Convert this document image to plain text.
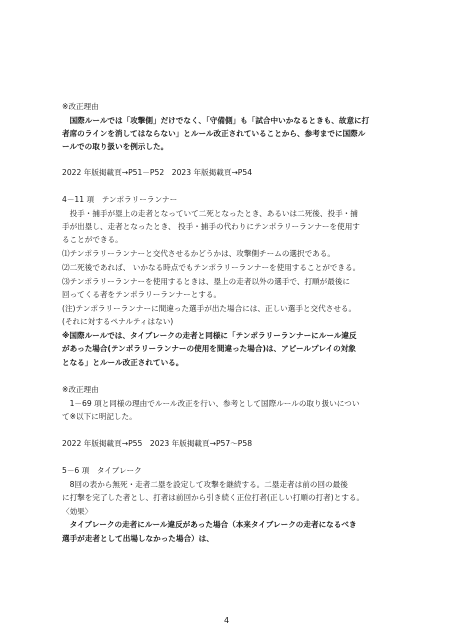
※改正理由
　国際ルールでは「攻撃側」だけでなく、「守備側」も「試合中いかなるときも、故意に打
者席のラインを消してはならない」とルール改正されていることから、参考までに国際ル
ールでの取り扱いを例示した。
2022 年版掲載頁→P51－P52　2023 年版掲載頁→P54
4－11 項　テンポラリーランナー
　投手・捕手が塁上の走者となっていて二死となったとき、あるいは二死後、投手・捕
手が出塁し、走者となったとき、 投手・捕手の代わりにテンポラリーランナーを使用す
ることができる。
⑴テンポラリーランナーと交代させるかどうかは、攻撃側チームの選択である。
⑵二死後であれば、 いかなる時点でもテンポラリーランナーを使用することができる。
⑶テンポラリーランナーを使用するときは、塁上の走者以外の選手で、打順が最後に
回ってくる者をテンポラリーランナーとする。
(注)テンポラリーランナーに間違った選手が出た場合には、正しい選手と交代させる。
(それに対するペナルティはない)
※国際ルールでは、タイブレークの走者と同様に「テンポラリーランナーにルール違反
があった場合(テンポラリーランナーの使用を間違った場合)は、アピールプレイの対象
となる」とルール改正されている。
※改正理由
　1－69 項と同様の理由でルール改正を行い、参考として国際ルールの取り扱いについ
て※以下に明記した。
2022 年版掲載頁→P55　2023 年版掲載頁→P57～P58
5－6 項　タイブレーク
　8回の表から無死・走者二塁を設定して攻撃を継続する。二塁走者は前の回の最後
に打撃を完了した者とし、打者は前回から引き続く正位打者(正しい打順の打者)とする。
〈効果〉
　タイブレークの走者にルール違反があった場合（本来タイブレークの走者になるべき
選手が走者として出場しなかった場合）は、
4
